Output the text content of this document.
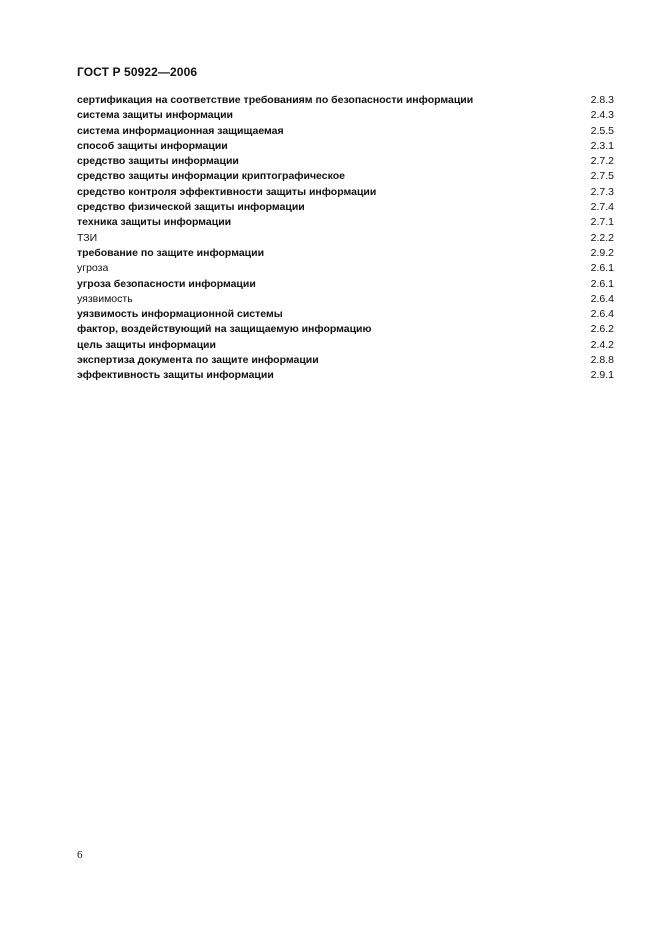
ГОСТ Р 50922—2006
сертификация на соответствие требованиям по безопасности информации	2.8.3
система защиты информации	2.4.3
система информационная защищаемая	2.5.5
способ защиты информации	2.3.1
средство защиты информации	2.7.2
средство защиты информации криптографическое	2.7.5
средство контроля эффективности защиты информации	2.7.3
средство физической защиты информации	2.7.4
техника защиты информации	2.7.1
ТЗИ	2.2.2
требование по защите информации	2.9.2
угроза	2.6.1
угроза безопасности информации	2.6.1
уязвимость	2.6.4
уязвимость информационной системы	2.6.4
фактор, воздействующий на защищаемую информацию	2.6.2
цель защиты информации	2.4.2
экспертиза документа по защите информации	2.8.8
эффективность защиты информации	2.9.1
6
